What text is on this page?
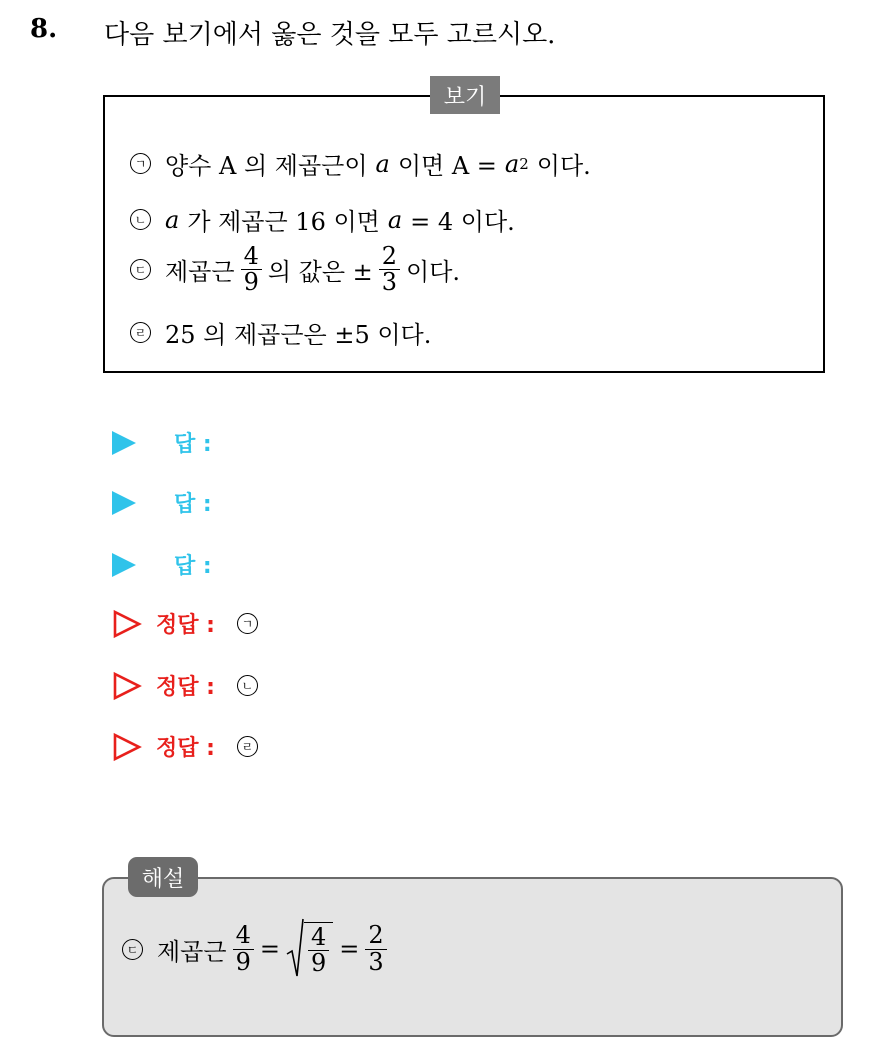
8. 다음 보기에서 옳은 것을 모두 고르시오.
보기
ㄱ 양수 A 의 제곱근이 a 이면 A = a 2 이다.
ㄴ a 가 제곱근 16 이면 a = 4 이다.
ㄷ 제곱근 $\frac{4}{9}$ 의 값은 ± $\frac{2}{3}$ 이다.
ㄹ 25 의 제곱근은 ±5 이다.
답 :
답 :
답 :
정답 :	ㄱ
정답 :	ㄴ
정답 :	ㄹ
해설
ㄷ 제곱근 $\frac{4}{9} = \frac{4}{9} = \frac{2}{3}$
